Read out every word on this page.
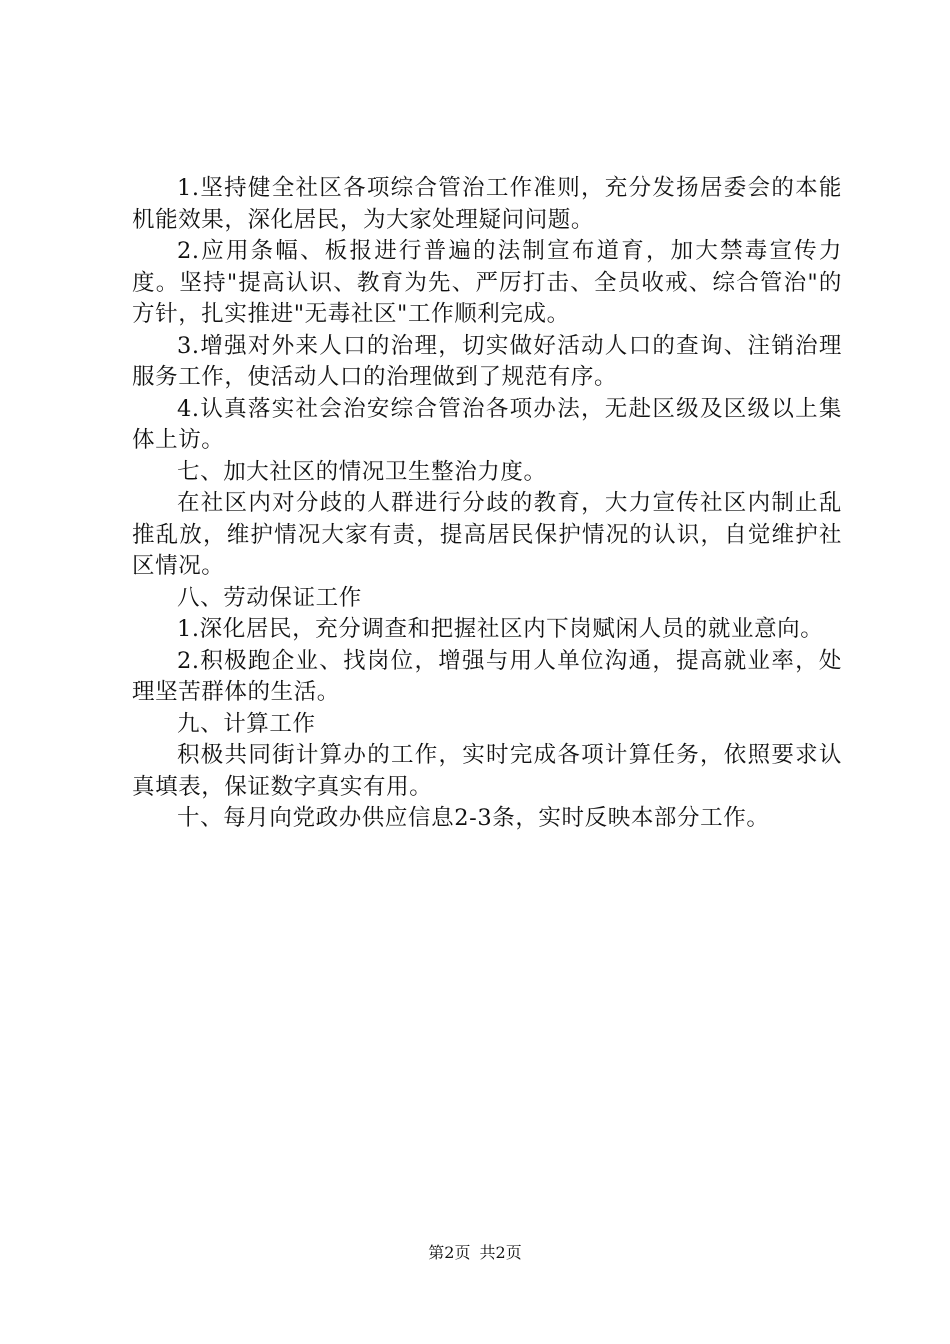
1.坚持健全社区各项综合管治工作准则，充分发扬居委会的本能机能效果，深化居民，为大家处理疑问问题。

2.应用条幅、板报进行普遍的法制宣布道育，加大禁毒宣传力度。坚持"提高认识、教育为先、严厉打击、全员收戒、综合管治"的方针，扎实推进"无毒社区"工作顺利完成。

3.增强对外来人口的治理，切实做好活动人口的查询、注销治理服务工作，使活动人口的治理做到了规范有序。

4.认真落实社会治安综合管治各项办法，无赴区级及区级以上集体上访。

七、加大社区的情况卫生整治力度。

在社区内对分歧的人群进行分歧的教育，大力宣传社区内制止乱推乱放，维护情况大家有责，提高居民保护情况的认识，自觉维护社区情况。

八、劳动保证工作

1.深化居民，充分调查和把握社区内下岗赋闲人员的就业意向。

2.积极跑企业、找岗位，增强与用人单位沟通，提高就业率，处理坚苦群体的生活。

九、计算工作

积极共同街计算办的工作，实时完成各项计算任务，依照要求认真填表，保证数字真实有用。

十、每月向党政办供应信息2-3条，实时反映本部分工作。

第2页 共2页
